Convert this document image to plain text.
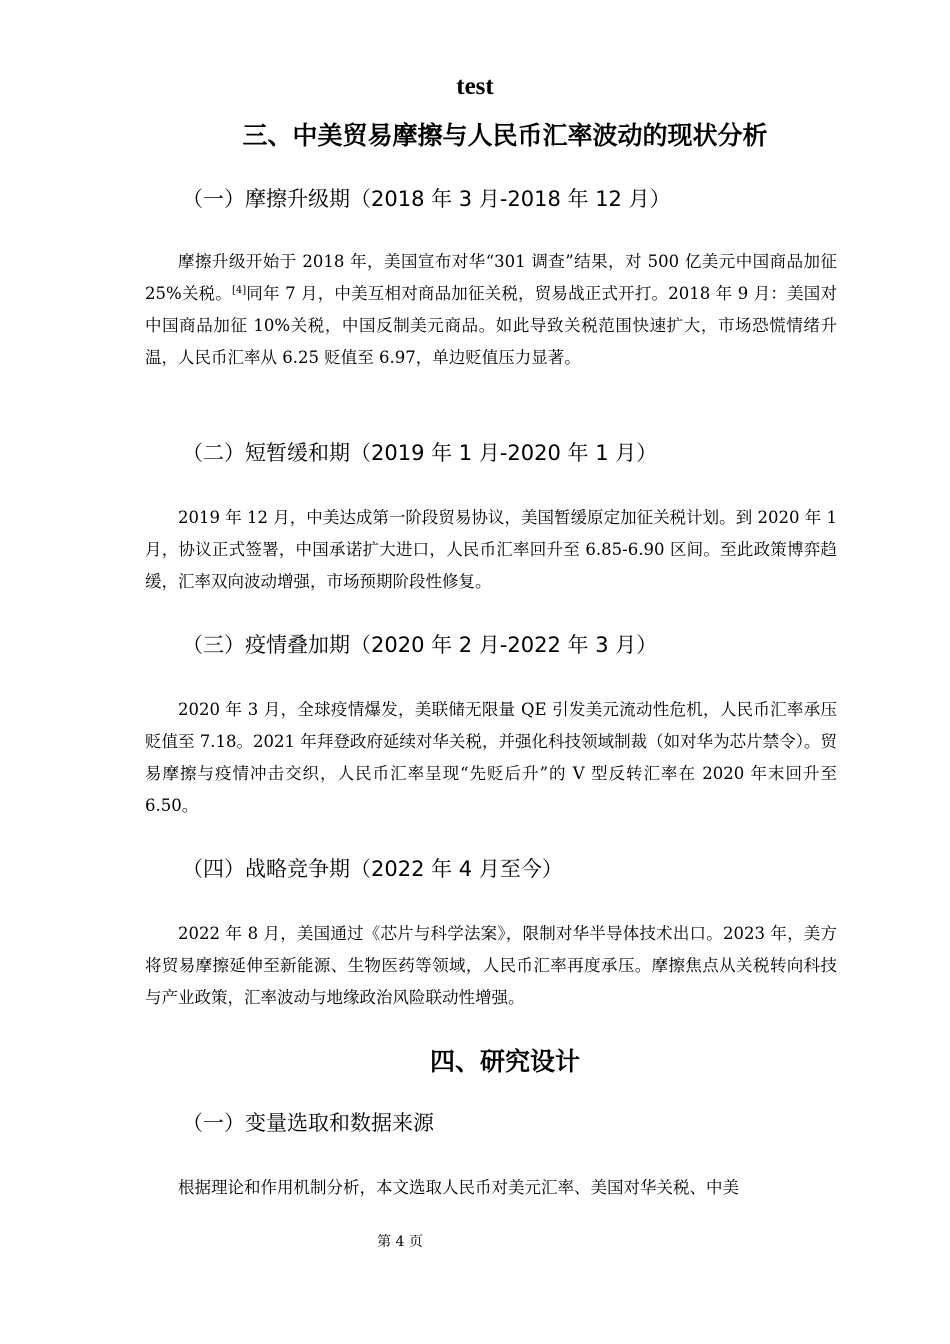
test
三、中美贸易摩擦与人民币汇率波动的现状分析
（一）摩擦升级期（2018 年 3 月-2018 年 12 月）

摩擦升级开始于 2018 年，美国宣布对华“301 调查”结果，对 500 亿美元中国商品加征 25%关税。[4]同年 7 月，中美互相对商品加征关税，贸易战正式开打。2018 年 9 月：美国对中国商品加征 10%关税，中国反制美元商品。如此导致关税范围快速扩大，市场恐慌情绪升温，人民币汇率从 6.25 贬值至 6.97，单边贬值压力显著。

（二）短暂缓和期（2019 年 1 月-2020 年 1 月）

2019 年 12 月，中美达成第一阶段贸易协议，美国暂缓原定加征关税计划。到 2020 年 1 月，协议正式签署，中国承诺扩大进口，人民币汇率回升至 6.85-6.90 区间。至此政策博弈趋缓，汇率双向波动增强，市场预期阶段性修复。

（三）疫情叠加期（2020 年 2 月-2022 年 3 月）

2020 年 3 月，全球疫情爆发，美联储无限量 QE 引发美元流动性危机，人民币汇率承压贬值至 7.18。2021 年拜登政府延续对华关税，并强化科技领域制裁（如对华为芯片禁令）。贸易摩擦与疫情冲击交织，人民币汇率呈现“先贬后升”的 V 型反转汇率在 2020 年末回升至 6.50。

（四）战略竞争期（2022 年 4 月至今）

2022 年 8 月，美国通过《芯片与科学法案》，限制对华半导体技术出口。2023 年，美方将贸易摩擦延伸至新能源、生物医药等领域，人民币汇率再度承压。摩擦焦点从关税转向科技与产业政策，汇率波动与地缘政治风险联动性增强。

四、研究设计
（一）变量选取和数据来源

根据理论和作用机制分析，本文选取人民币对美元汇率、美国对华关税、中美

第 4 页
